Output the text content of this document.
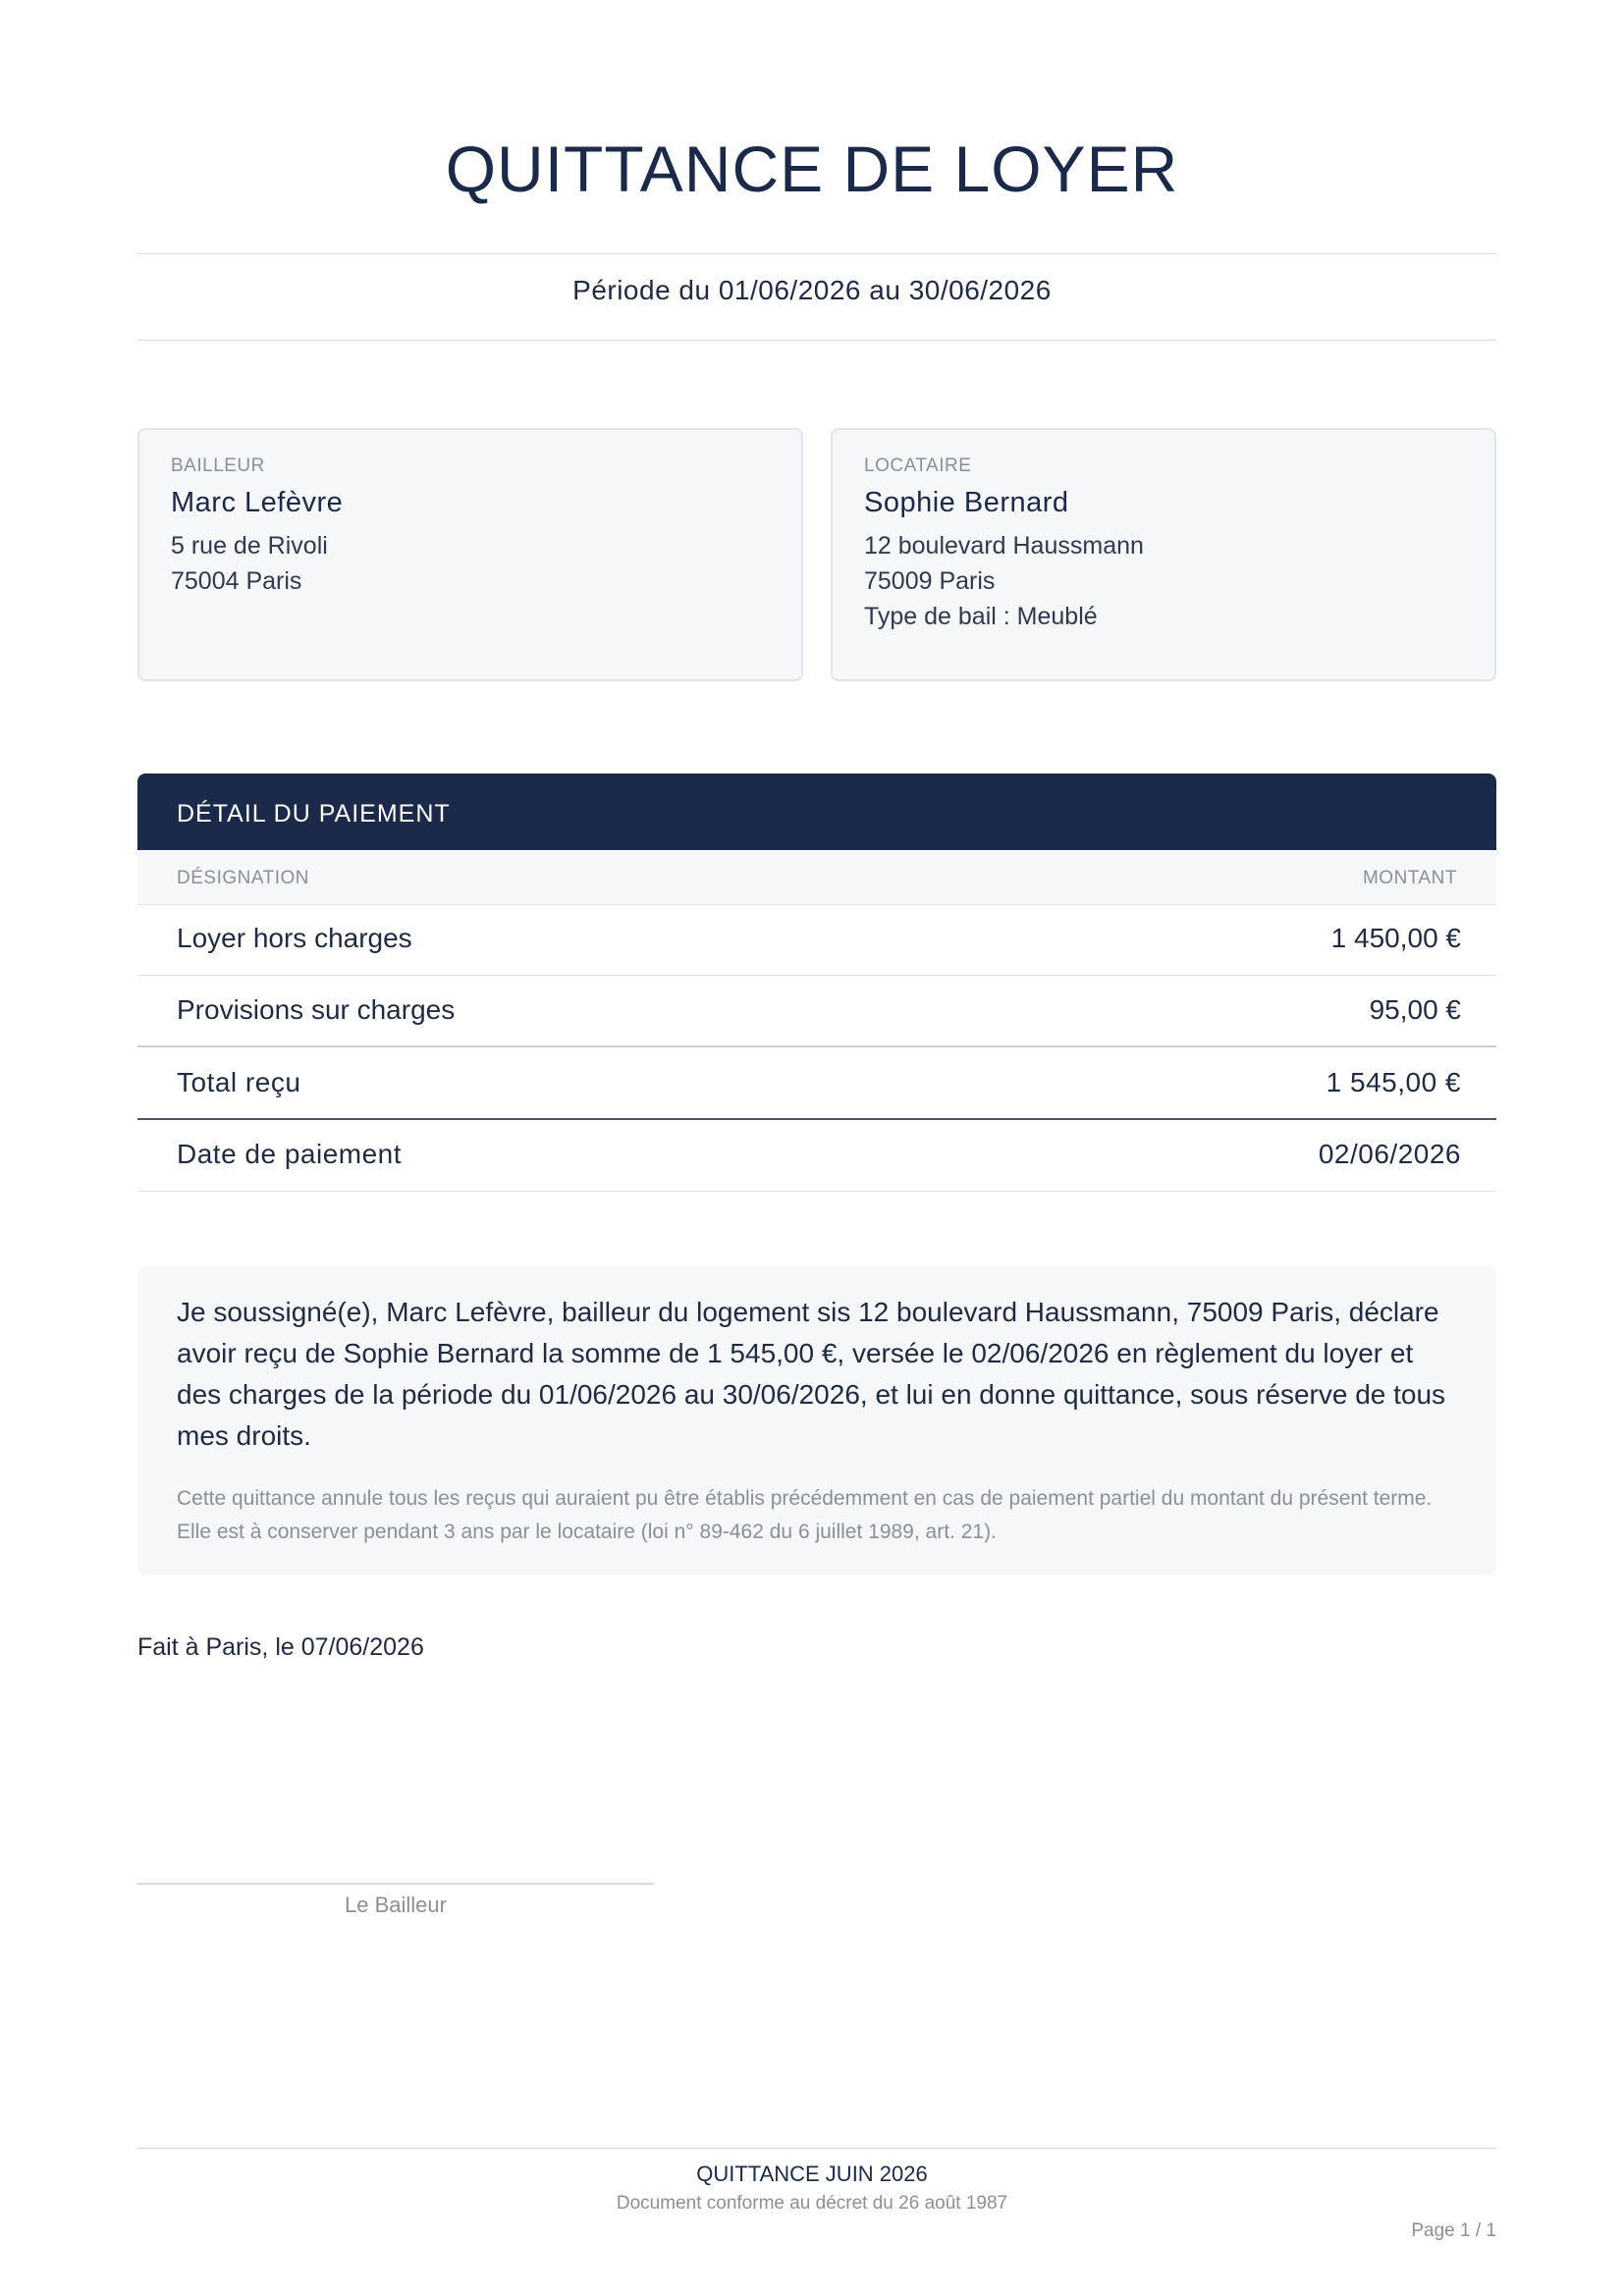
QUITTANCE DE LOYER
Période du 01/06/2026 au 30/06/2026
BAILLEUR
Marc Lefèvre
5 rue de Rivoli
75004 Paris
LOCATAIRE
Sophie Bernard
12 boulevard Haussmann
75009 Paris
Type de bail : Meublé
DÉTAIL DU PAIEMENT
DÉSIGNATION	MONTANT
Loyer hors charges	1 450,00 €
Provisions sur charges	95,00 €
Total reçu	1 545,00 €
Date de paiement	02/06/2026
Je soussigné(e), Marc Lefèvre, bailleur du logement sis 12 boulevard Haussmann, 75009 Paris, déclare avoir reçu de Sophie Bernard la somme de 1 545,00 €, versée le 02/06/2026 en règlement du loyer et des charges de la période du 01/06/2026 au 30/06/2026, et lui en donne quittance, sous réserve de tous mes droits.
Cette quittance annule tous les reçus qui auraient pu être établis précédemment en cas de paiement partiel du montant du présent terme. Elle est à conserver pendant 3 ans par le locataire (loi n° 89-462 du 6 juillet 1989, art. 21).
Fait à Paris, le 07/06/2026
Le Bailleur
QUITTANCE JUIN 2026
Document conforme au décret du 26 août 1987
Page 1 / 1
